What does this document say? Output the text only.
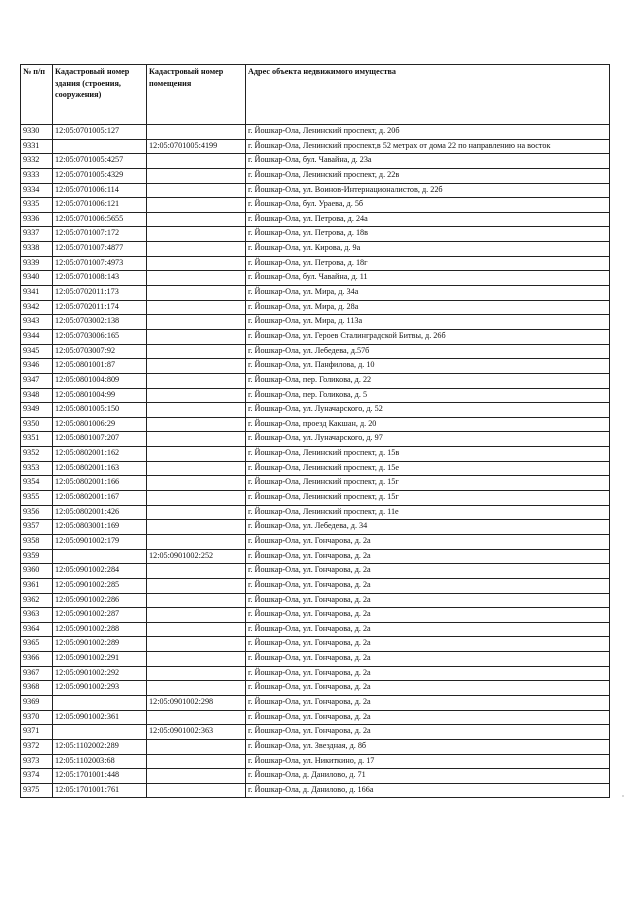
№ п/п	Кадастровый номер здания (строения, сооружения)	Кадастровый номер помещения	Адрес объекта недвижимого имущества
9330	12:05:0701005:127		г. Йошкар-Ола, Ленинский проспект, д. 20б
9331		12:05:0701005:4199	г. Йошкар-Ола, Ленинский проспект,в 52 метрах от дома 22 по направлению на восток
9332	12:05:0701005:4257		г. Йошкар-Ола, бул. Чавайна, д. 23а
9333	12:05:0701005:4329		г. Йошкар-Ола, Ленинский проспект, д. 22в
9334	12:05:0701006:114		г. Йошкар-Ола, ул. Воинов-Интернационалистов, д. 22б
9335	12:05:0701006:121		г. Йошкар-Ола, бул. Ураева, д. 5б
9336	12:05:0701006:5655		г. Йошкар-Ола, ул. Петрова, д. 24а
9337	12:05:0701007:172		г. Йошкар-Ола, ул. Петрова, д. 18в
9338	12:05:0701007:4877		г. Йошкар-Ола, ул. Кирова, д. 9а
9339	12:05:0701007:4973		г. Йошкар-Ола, ул. Петрова, д. 18г
9340	12:05:0701008:143		г. Йошкар-Ола, бул. Чавайна, д. 11
9341	12:05:0702011:173		г. Йошкар-Ола, ул. Мира, д. 34а
9342	12:05:0702011:174		г. Йошкар-Ола, ул. Мира, д. 28а
9343	12:05:0703002:138		г. Йошкар-Ола, ул. Мира, д. 113а
9344	12:05:0703006:165		г. Йошкар-Ола, ул. Героев Сталинградской Битвы, д. 26б
9345	12:05:0703007:92		г. Йошкар-Ола, ул. Лебедева, д.57б
9346	12:05:0801001:87		г. Йошкар-Ола, ул. Панфилова, д. 10
9347	12:05:0801004:809		г. Йошкар-Ола, пер. Голикова, д. 22
9348	12:05:0801004:99		г. Йошкар-Ола, пер. Голикова, д. 5
9349	12:05:0801005:150		г. Йошкар-Ола, ул. Луначарского, д. 52
9350	12:05:0801006:29		г. Йошкар-Ола, проезд Какшан, д. 20
9351	12:05:0801007:207		г. Йошкар-Ола, ул. Луначарского, д. 97
9352	12:05:0802001:162		г. Йошкар-Ола, Ленинский проспект, д. 15в
9353	12:05:0802001:163		г. Йошкар-Ола, Ленинский проспект, д. 15е
9354	12:05:0802001:166		г. Йошкар-Ола, Ленинский проспект, д. 15г
9355	12:05:0802001:167		г. Йошкар-Ола, Ленинский проспект, д. 15г
9356	12:05:0802001:426		г. Йошкар-Ола, Ленинский проспект, д. 11е
9357	12:05:0803001:169		г. Йошкар-Ола, ул. Лебедева, д. 34
9358	12:05:0901002:179		г. Йошкар-Ола, ул. Гончарова, д. 2а
9359		12:05:0901002:252	г. Йошкар-Ола, ул. Гончарова, д. 2а
9360	12:05:0901002:284		г. Йошкар-Ола, ул. Гончарова, д. 2а
9361	12:05:0901002:285		г. Йошкар-Ола, ул. Гончарова, д. 2а
9362	12:05:0901002:286		г. Йошкар-Ола, ул. Гончарова, д. 2а
9363	12:05:0901002:287		г. Йошкар-Ола, ул. Гончарова, д. 2а
9364	12:05:0901002:288		г. Йошкар-Ола, ул. Гончарова, д. 2а
9365	12:05:0901002:289		г. Йошкар-Ола, ул. Гончарова, д. 2а
9366	12:05:0901002:291		г. Йошкар-Ола, ул. Гончарова, д. 2а
9367	12:05:0901002:292		г. Йошкар-Ола, ул. Гончарова, д. 2а
9368	12:05:0901002:293		г. Йошкар-Ола, ул. Гончарова, д. 2а
9369		12:05:0901002:298	г. Йошкар-Ола, ул. Гончарова, д. 2а
9370	12:05:0901002:361		г. Йошкар-Ола, ул. Гончарова, д. 2а
9371		12:05:0901002:363	г. Йошкар-Ола, ул. Гончарова, д. 2а
9372	12:05:1102002:289		г. Йошкар-Ола, ул. Звездная, д. 8б
9373	12:05:1102003:68		г. Йошкар-Ола, ул. Никиткино, д. 17
9374	12:05:1701001:448		г. Йошкар-Ола, д. Данилово, д. 71
9375	12:05:1701001:761		г. Йошкар-Ола, д. Данилово, д. 166а
